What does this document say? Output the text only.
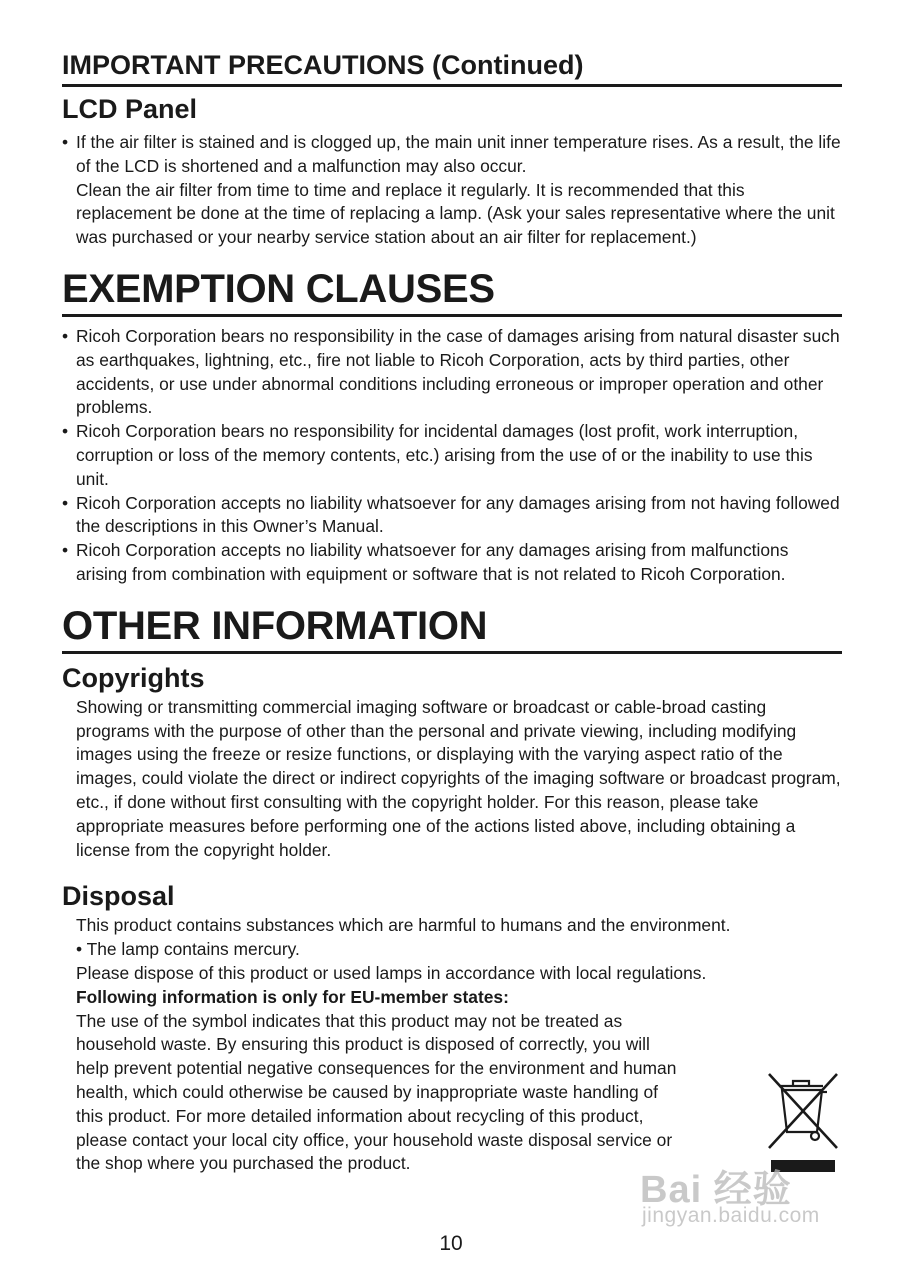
IMPORTANT PRECAUTIONS (Continued)
LCD Panel
• If the air filter is stained and is clogged up, the main unit inner temperature rises. As a result, the life of the LCD is shortened and a malfunction may also occur.
Clean the air filter from time to time and replace it regularly. It is recommended that this replacement be done at the time of replacing a lamp. (Ask your sales representative where the unit was purchased or your nearby service station about an air filter for replacement.)
EXEMPTION CLAUSES
• Ricoh Corporation bears no responsibility in the case of damages arising from natural disaster such as earthquakes, lightning, etc., fire not liable to Ricoh Corporation, acts by third parties, other accidents, or use under abnormal conditions including erroneous or improper operation and other problems.
• Ricoh Corporation bears no responsibility for incidental damages (lost profit, work interruption, corruption or loss of the memory contents, etc.) arising from the use of or the inability to use this unit.
• Ricoh Corporation accepts no liability whatsoever for any damages arising from not having followed the descriptions in this Owner’s Manual.
• Ricoh Corporation accepts no liability whatsoever for any damages arising from malfunctions arising from combination with equipment or software that is not related to Ricoh Corporation.
OTHER INFORMATION
Copyrights

Showing or transmitting commercial imaging software or broadcast or cable-broad casting programs with the purpose of other than the personal and private viewing, including modifying images using the freeze or resize functions, or displaying with the varying aspect ratio of the images, could violate the direct or indirect copyrights of the imaging software or broadcast program, etc., if done without first consulting with the copyright holder. For this reason, please take appropriate measures before performing one of the actions listed above, including obtaining a license from the copyright holder.

Disposal
This product contains substances which are harmful to humans and the environment.
• The lamp contains mercury.
Please dispose of this product or used lamps in accordance with local regulations.
Following information is only for EU-member states:
The use of the symbol indicates that this product may not be treated as
household waste. By ensuring this product is disposed of correctly, you will
help prevent potential negative consequences for the environment and human
health, which could otherwise be caused by inappropriate waste handling of
this product. For more detailed information about recycling of this product,
please contact your local city office, your household waste disposal service or
the shop where you purchased the product.
Bai 经验
jingyan.baidu.com
10
